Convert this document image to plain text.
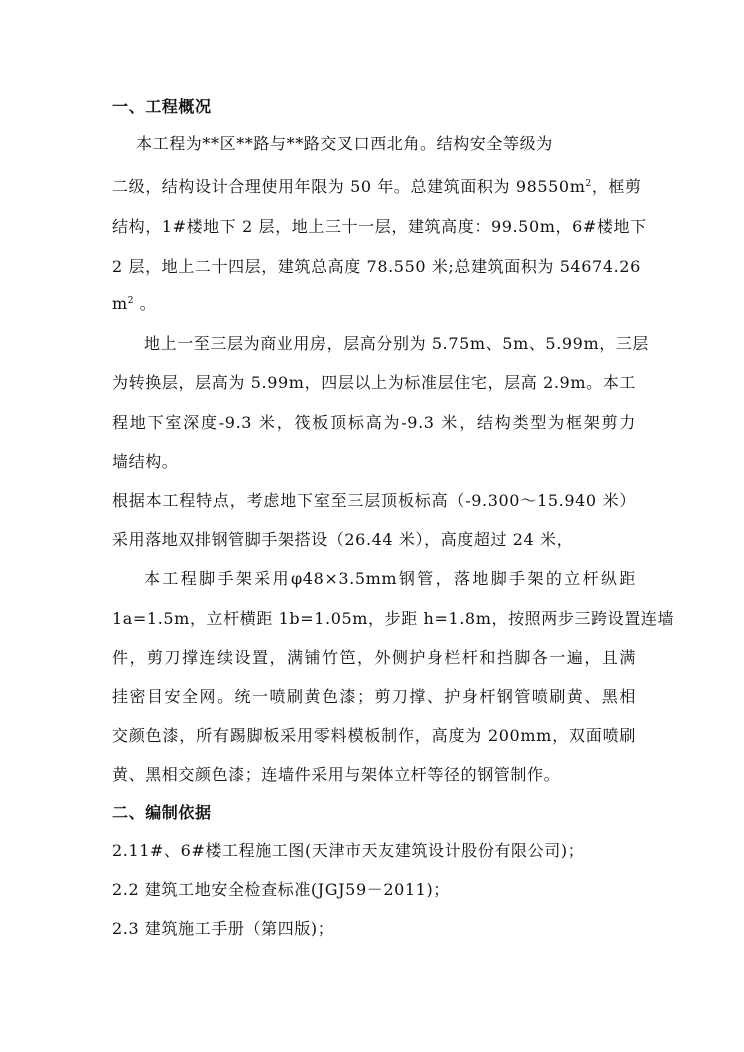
一、工程概况
本工程为**区**路与**路交叉口西北角。结构安全等级为
二级，结构设计合理使用年限为 50 年。总建筑面积为 $98550m^2$，框剪
结构，1#楼地下 2 层，地上三十一层，建筑高度：99.50m，6#楼地下
2 层，地上二十四层，建筑总高度 78.550 米;总建筑面积为 54674.26
$m^2$ 。
地上一至三层为商业用房，层高分别为 5.75m、5m、5.99m，三层
为转换层，层高为 5.99m，四层以上为标准层住宅，层高 2.9m。本工
程地下室深度-9.3 米，筏板顶标高为-9.3 米，结构类型为框架剪力
墙结构。
根据本工程特点，考虑地下室至三层顶板标高（-9.300～15.940 米）
采用落地双排钢管脚手架搭设（26.44 米），高度超过 24 米，
本工程脚手架采用φ48×3.5mm钢管，落地脚手架的立杆纵距
1a=1.5m，立杆横距 1b=1.05m，步距 h=1.8m，按照两步三跨设置连墙
件，剪刀撑连续设置，满铺竹笆，外侧护身栏杆和挡脚各一遍，且满
挂密目安全网。统一喷刷黄色漆；剪刀撑、护身杆钢管喷刷黄、黑相
交颜色漆，所有踢脚板采用零料模板制作，高度为 200mm，双面喷刷
黄、黑相交颜色漆；连墙件采用与架体立杆等径的钢管制作。
二、编制依据
2.11#、6#楼工程施工图(天津市天友建筑设计股份有限公司)；
2.2 建筑工地安全检查标准(JGJ59－2011)；
2.3 建筑施工手册（第四版)；
